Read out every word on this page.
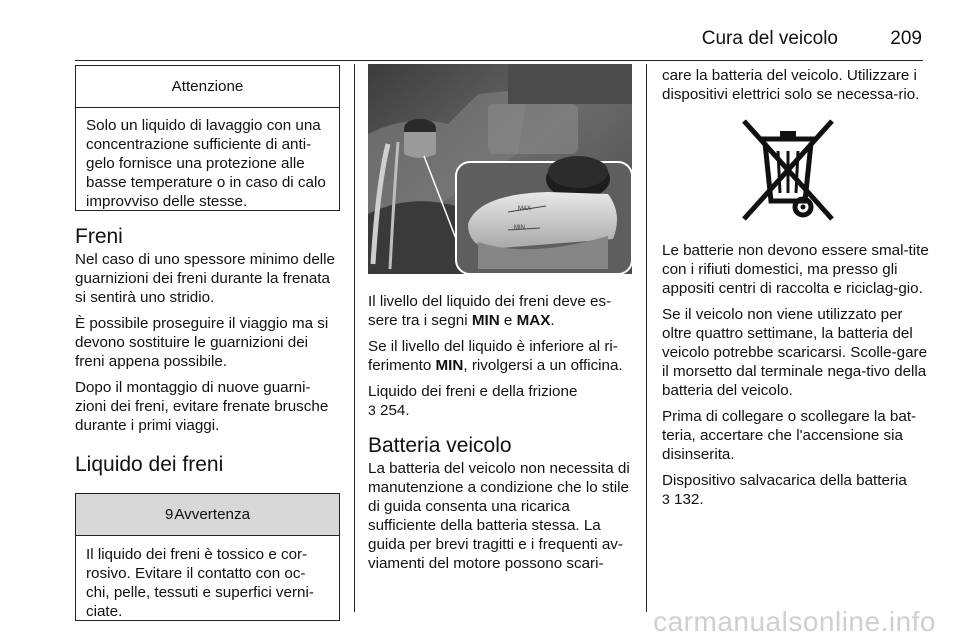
Cura del veicolo	209
Attenzione
Solo un liquido di lavaggio con una concentrazione sufficiente di anti-gelo fornisce una protezione alle basse temperature o in caso di calo improvviso delle stesse.
Freni

Nel caso di uno spessore minimo delle guarnizioni dei freni durante la frenata si sentirà uno stridio.

È possibile proseguire il viaggio ma si devono sostituire le guarnizioni dei freni appena possibile.

Dopo il montaggio di nuove guarni-zioni dei freni, evitare frenate brusche durante i primi viaggi.

Liquido dei freni
9 Avvertenza
Il liquido dei freni è tossico e cor-rosivo. Evitare il contatto con oc-chi, pelle, tessuti e superfici verni-ciate.
MAX
MIN

Il livello del liquido dei freni deve es-sere tra i segni MIN e MAX.

Se il livello del liquido è inferiore al ri-ferimento MIN, rivolgersi a un officina.

Liquido dei freni e della frizione
3 254.

Batteria veicolo

La batteria del veicolo non necessita di manutenzione a condizione che lo stile di guida consenta una ricarica sufficiente della batteria stessa. La guida per brevi tragitti e i frequenti av-viamenti del motore possono scari-

care la batteria del veicolo. Utilizzare i dispositivi elettrici solo se necessa-rio.

Le batterie non devono essere smal-tite con i rifiuti domestici, ma presso gli appositi centri di raccolta e riciclag-gio.

Se il veicolo non viene utilizzato per oltre quattro settimane, la batteria del veicolo potrebbe scaricarsi. Scolle-gare il morsetto dal terminale nega-tivo della batteria del veicolo.

Prima di collegare o scollegare la bat-teria, accertare che l'accensione sia disinserita.

Dispositivo salvacarica della batteria
3 132.

carmanualsonline.info
